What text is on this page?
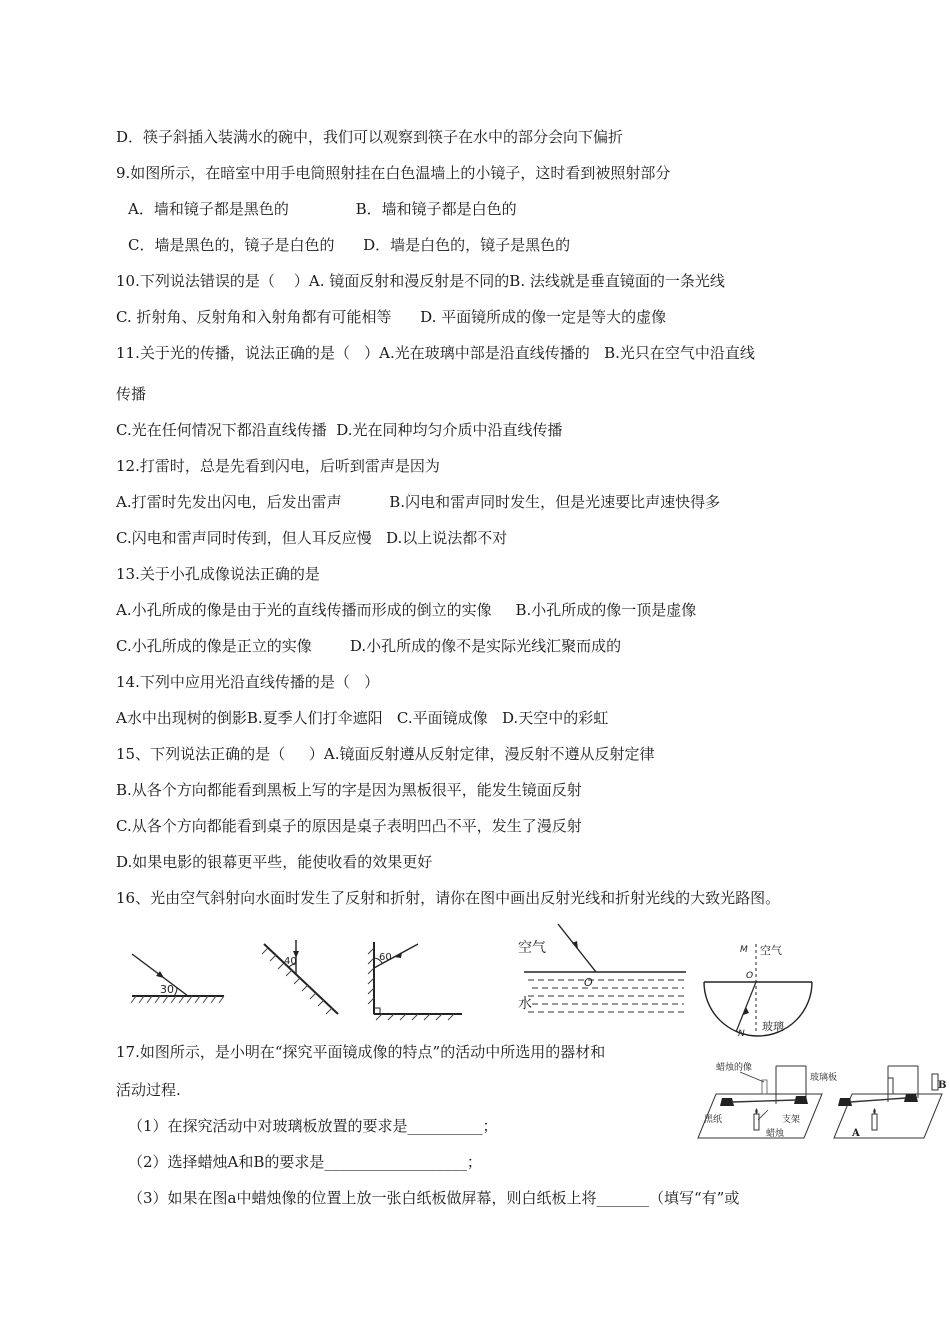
D．筷子斜插入装满水的碗中，我们可以观察到筷子在水中的部分会向下偏折
9.如图所示，在暗室中用手电筒照射挂在白色温墙上的小镜子，这时看到被照射部分
A．墙和镜子都是黑色的              B．墙和镜子都是白色的
C．墙是黑色的，镜子是白色的      D．墙是白色的，镜子是黑色的
10.下列说法错误的是（    ）A. 镜面反射和漫反射是不同的B. 法线就是垂直镜面的一条光线
C. 折射角、反射角和入射角都有可能相等      D. 平面镜所成的像一定是等大的虚像
11.关于光的传播，说法正确的是（   ）A.光在玻璃中部是沿直线传播的   B.光只在空气中沿直线
传播
C.光在任何情况下都沿直线传播  D.光在同种均匀介质中沿直线传播
12.打雷时，总是先看到闪电，后听到雷声是因为
A.打雷时先发出闪电，后发出雷声          B.闪电和雷声同时发生，但是光速要比声速快得多
C.闪电和雷声同时传到，但人耳反应慢   D.以上说法都不对
13.关于小孔成像说法正确的是
A.小孔所成的像是由于光的直线传播而形成的倒立的实像     B.小孔所成的像一顶是虚像
C.小孔所成的像是正立的实像        D.小孔所成的像不是实际光线汇聚而成的
14.下列中应用光沿直线传播的是（   ）
A水中出现树的倒影B.夏季人们打伞遮阳   C.平面镜成像   D.天空中的彩虹
15、下列说法正确的是（     ）A.镜面反射遵从反射定律，漫反射不遵从反射定律
B.从各个方向都能看到黑板上写的字是因为黑板很平，能发生镜面反射
C.从各个方向都能看到桌子的原因是桌子表明凹凸不平，发生了漫反射
D.如果电影的银幕更平些，能使收看的效果更好
16、光由空气斜射向水面时发生了反射和折射，请你在图中画出反射光线和折射光线的大致光路图。
30
40	60
空气
O
水
M 空气
O
N
玻璃
17.如图所示，是小明在“探究平面镜成像的特点”的活动中所选用的器材和
活动过程.
蜡烛的像
玻璃板
黑纸	支架
蜡烛	A
B
（1）在探究活动中对玻璃板放置的要求是__________；
（2）选择蜡烛A和B的要求是___________________；
（3）如果在图a中蜡烛像的位置上放一张白纸板做屏幕，则白纸板上将_______（填写“有”或
